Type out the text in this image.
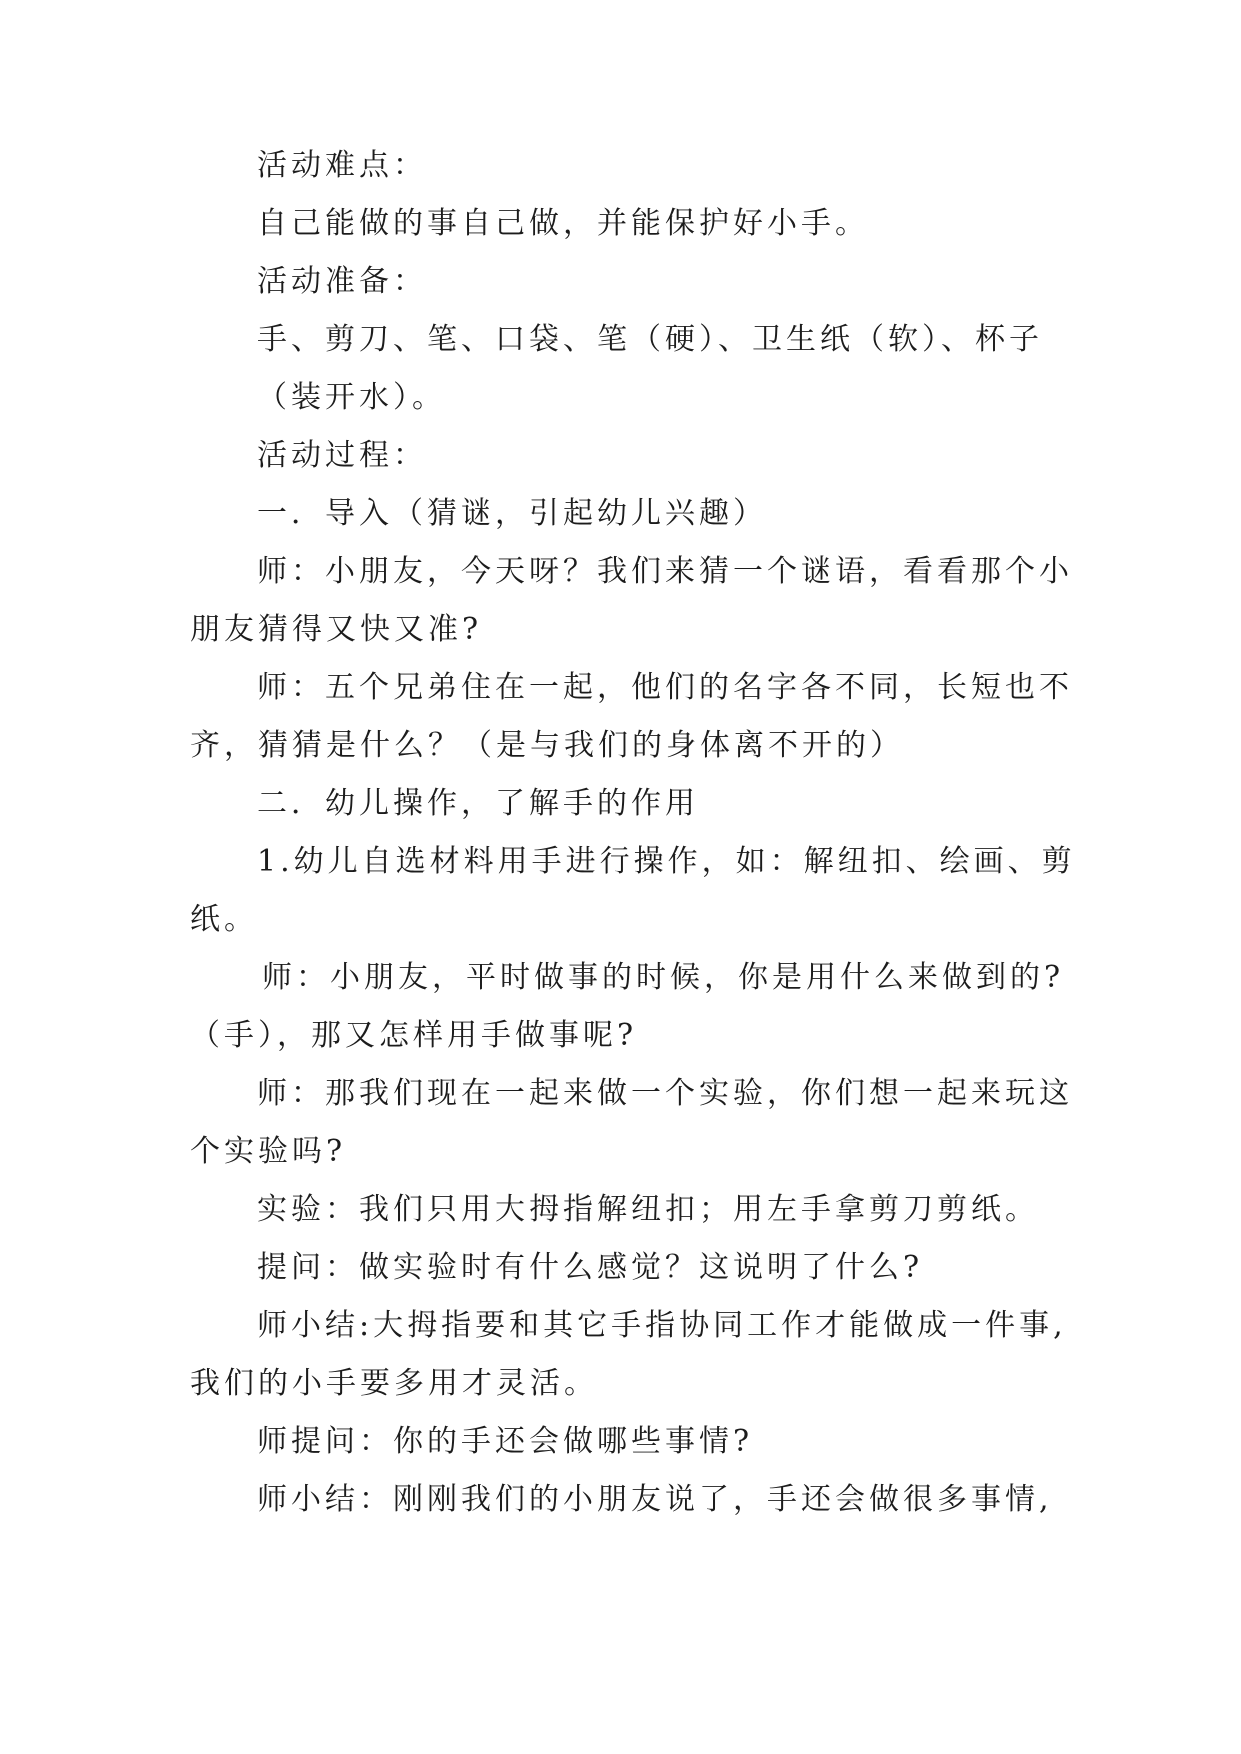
活动难点：

自己能做的事自己做，并能保护好小手。

活动准备：

手、剪刀、笔、口袋、笔（硬）、卫生纸（软）、杯子

（装开水）。

活动过程：

一．导入（猜谜，引起幼儿兴趣）

师：小朋友，今天呀？我们来猜一个谜语，看看那个小

朋友猜得又快又准?

师：五个兄弟住在一起，他们的名字各不同，长短也不

齐，猜猜是什么？（是与我们的身体离不开的）

二．幼儿操作，了解手的作用

1.幼儿自选材料用手进行操作，如：解纽扣、绘画、剪

纸。

师：小朋友，平时做事的时候，你是用什么来做到的?

（手），那又怎样用手做事呢?

师：那我们现在一起来做一个实验，你们想一起来玩这

个实验吗?

实验：我们只用大拇指解纽扣；用左手拿剪刀剪纸。

提问：做实验时有什么感觉？这说明了什么?

师小结:大拇指要和其它手指协同工作才能做成一件事,

我们的小手要多用才灵活。

师提问：你的手还会做哪些事情?

师小结：刚刚我们的小朋友说了，手还会做很多事情,
